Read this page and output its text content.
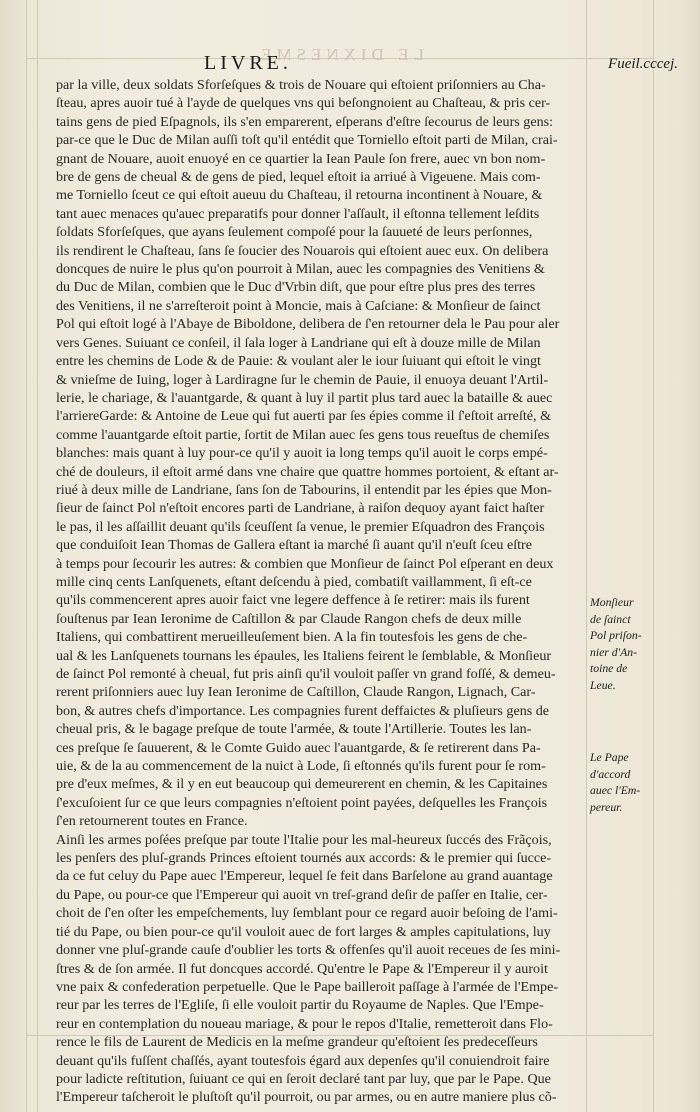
LE DIXNESME
LIVRE.	Fueil.cccej.
par la ville, deux soldats Sforſeſques & trois de Nouare qui eſtoient priſonniers au Cha-
ſteau, apres auoir tué à l'ayde de quelques vns qui beſongnoient au Chaſteau, & pris cer-
tains gens de pied Eſpagnols, ils s'en emparerent, eſperans d'eſtre ſecourus de leurs gens:
par-ce que le Duc de Milan auſſi toſt qu'il entédit que Torniello eſtoit parti de Milan, crai-
gnant de Nouare, auoit enuoyé en ce quartier la Iean Paule ſon frere, auec vn bon nom-
bre de gens de cheual & de gens de pied, lequel eſtoit ia arriué à Vigeuene. Mais com-
me Torniello ſceut ce qui eſtoit aueuu du Chaſteau, il retourna incontinent à Nouare, &
tant auec menaces qu'auec preparatifs pour donner l'aſſault, il eſtonna tellement leſdits
ſoldats Sforſeſques, que ayans ſeulement compoſé pour la ſauueté de leurs perſonnes,
ils rendirent le Chaſteau, ſans ſe ſoucier des Nouarois qui eſtoient auec eux. On delibera
doncques de nuire le plus qu'on pourroit à Milan, auec les compagnies des Venitiens &
du Duc de Milan, combien que le Duc d'Vrbin diſt, que pour eſtre plus pres des terres
des Venitiens, il ne s'arreſteroit point à Moncie, mais à Caſciane: & Monſieur de ſainct
Pol qui eſtoit logé à l'Abaye de Biboldone, delibera de ſ'en retourner dela le Pau pour aler
vers Genes. Suiuant ce conſeil, il ſala loger à Landriane qui eſt à douze mille de Milan
entre les chemins de Lode & de Pauie: & voulant aler le iour ſuiuant qui eſtoit le vingt
& vnieſme de Iuing, loger à Lardiragne ſur le chemin de Pauie, il enuoya deuant l'Artil-
lerie, le chariage, & l'auantgarde, & quant à luy il partit plus tard auec la bataille & auec
l'arriereGarde: & Antoine de Leue qui fut auerti par ſes épies comme il ſ'eſtoit arreſté, &
comme l'auantgarde eſtoit partie, ſortit de Milan auec ſes gens tous reueſtus de chemiſes
blanches: mais quant à luy pour-ce qu'il y auoit ia long temps qu'il auoit le corps empé-
ché de douleurs, il eſtoit armé dans vne chaire que quattre hommes portoient, & eſtant ar-
riué à deux mille de Landriane, ſans ſon de Tabourins, il entendit par les épies que Mon-
ſieur de ſainct Pol n'eſtoit encores parti de Landriane, à raiſon dequoy ayant faict haſter
le pas, il les aſſaillit deuant qu'ils ſceuſſent ſa venue, le premier Eſquadron des François
que conduiſoit Iean Thomas de Gallera eſtant ia marché ſi auant qu'il n'euſt ſceu eſtre
à temps pour ſecourir les autres: & combien que Monſieur de ſainct Pol eſperant en deux
mille cinq cents Lanſquenets, eſtant deſcendu à pied, combatiſt vaillamment, ſi eſt-ce
qu'ils commencerent apres auoir faict vne legere deffence à ſe retirer: mais ils furent
ſouſtenus par Iean Ieronime de Caſtillon & par Claude Rangon chefs de deux mille
Italiens, qui combattirent merueilleuſement bien. A la fin toutesfois les gens de che-
ual & les Lanſquenets tournans les épaules, les Italiens feirent le ſemblable, & Monſieur
de ſainct Pol remonté à cheual, fut pris ainſi qu'il vouloit paſſer vn grand foſſé, & demeu-
rerent priſonniers auec luy Iean Ieronime de Caſtillon, Claude Rangon, Lignach, Car-
bon, & autres chefs d'importance. Les compagnies furent deffaictes & pluſieurs gens de
cheual pris, & le bagage preſque de toute l'armée, & toute l'Artillerie. Toutes les lan-
ces preſque ſe ſauuerent, & le Comte Guido auec l'auantgarde, & ſe retirerent dans Pa-
uie, & de la au commencement de la nuict à Lode, ſi eſtonnés qu'ils furent pour ſe rom-
pre d'eux meſmes, & il y en eut beaucoup qui demeurerent en chemin, & les Capitaines
ſ'excuſoient ſur ce que leurs compagnies n'eſtoient point payées, deſquelles les François
ſ'en retournerent toutes en France.
Ainſi les armes poſées preſque par toute l'Italie pour les mal-heureux ſuccés des Frãçois,
les penſers des pluſ-grands Princes eſtoient tournés aux accords: & le premier qui ſucce-
da ce fut celuy du Pape auec l'Empereur, lequel ſe feit dans Barſelone au grand auantage
du Pape, ou pour-ce que l'Empereur qui auoit vn treſ-grand deſir de paſſer en Italie, cer-
choit de ſ'en oſter les empeſchements, luy ſemblant pour ce regard auoir beſoing de l'ami-
tié du Pape, ou bien pour-ce qu'il vouloit auec de fort larges & amples capitulations, luy
donner vne pluſ-grande cauſe d'oublier les torts & offenſes qu'il auoit receues de ſes mini-
ſtres & de ſon armée. Il fut doncques accordé. Qu'entre le Pape & l'Empereur il y auroit
vne paix & confederation perpetuelle. Que le Pape bailleroit paſſage à l'armée de l'Empe-
reur par les terres de l'Egliſe, ſi elle vouloit partir du Royaume de Naples. Que l'Empe-
reur en contemplation du noueau mariage, & pour le repos d'Italie, remetteroit dans Flo-
rence le fils de Laurent de Medicis en la meſme grandeur qu'eſtoient ſes predeceſſeurs
deuant qu'ils fuſſent chaſſés, ayant toutesfois égard aux depenſes qu'il conuiendroit faire
pour ladicte reſtitution, ſuiuant ce qui en ſeroit declaré tant par luy, que par le Pape. Que
l'Empereur taſcheroit le pluſtoſt qu'il pourroit, ou par armes, ou en autre maniere plus cõ-
Monſieur
de ſainct
Pol priſon-
nier d'An-
toine de
Leue.
Le Pape
d'accord
auec l'Em-
pereur.
